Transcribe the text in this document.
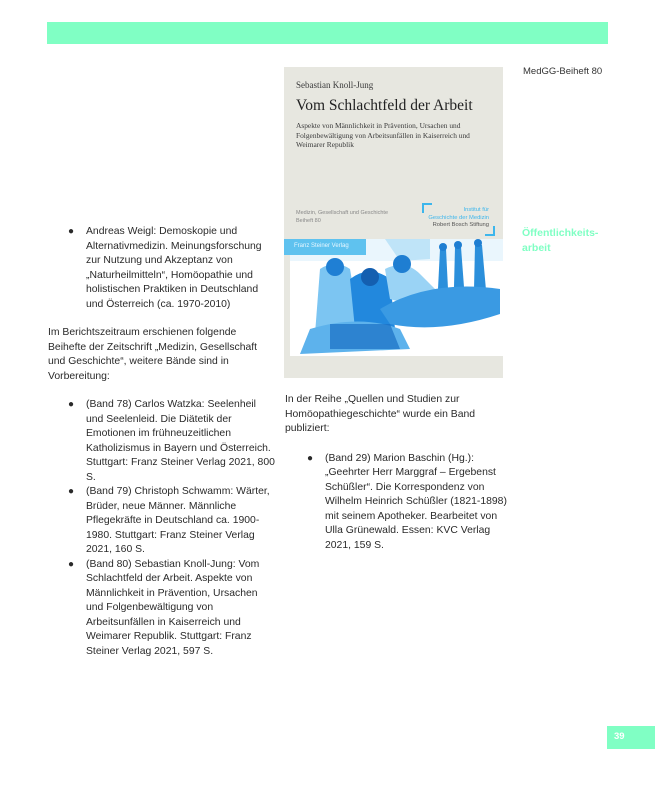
MedGG-Beiheft 80
Öffentlichkeits-arbeit
Sebastian Knoll-Jung
Vom Schlachtfeld der Arbeit
Aspekte von Männlichkeit in Prävention, Ursachen und Folgenbewältigung von Arbeitsunfällen in Kaiserreich und Weimarer Republik
Medizin, Gesellschaft und Geschichte
Beiheft 80
Institut für
Geschichte der Medizin
Robert Bosch Stiftung
Franz Steiner Verlag
● Andreas Weigl: Demoskopie und Alternativmedizin. Meinungsforschung zur Nutzung und Akzeptanz von „Naturheilmitteln“, Homöopathie und holistischen Praktiken in Deutschland und Österreich (ca. 1970-2010)

Im Berichtszeitraum erschienen folgende Beihefte der Zeitschrift „Medizin, Gesellschaft und Geschichte“, weitere Bände sind in Vorbereitung:

● (Band 78) Carlos Watzka: Seelenheil und Seelenleid. Die Diätetik der Emotionen im frühneuzeitlichen Katholizismus in Bayern und Österreich. Stuttgart: Franz Steiner Verlag 2021, 800 S.
● (Band 79) Christoph Schwamm: Wärter, Brüder, neue Männer. Männliche Pflegekräfte in Deutschland ca. 1900-1980. Stuttgart: Franz Steiner Verlag 2021, 160 S.
● (Band 80) Sebastian Knoll-Jung: Vom Schlachtfeld der Arbeit. Aspekte von Männlichkeit in Prävention, Ursachen und Folgenbewältigung von Arbeitsunfällen in Kaiserreich und Weimarer Republik. Stuttgart: Franz Steiner Verlag 2021, 597 S.

In der Reihe „Quellen und Studien zur Homöopathiegeschichte“ wurde ein Band publiziert:

● (Band 29) Marion Baschin (Hg.): „Geehrter Herr Marggraf – Ergebenst Schüßler“. Die Korrespondenz von Wilhelm Heinrich Schüßler (1821-1898) mit seinem Apotheker. Bearbeitet von Ulla Grünewald. Essen: KVC Verlag 2021, 159 S.
39
